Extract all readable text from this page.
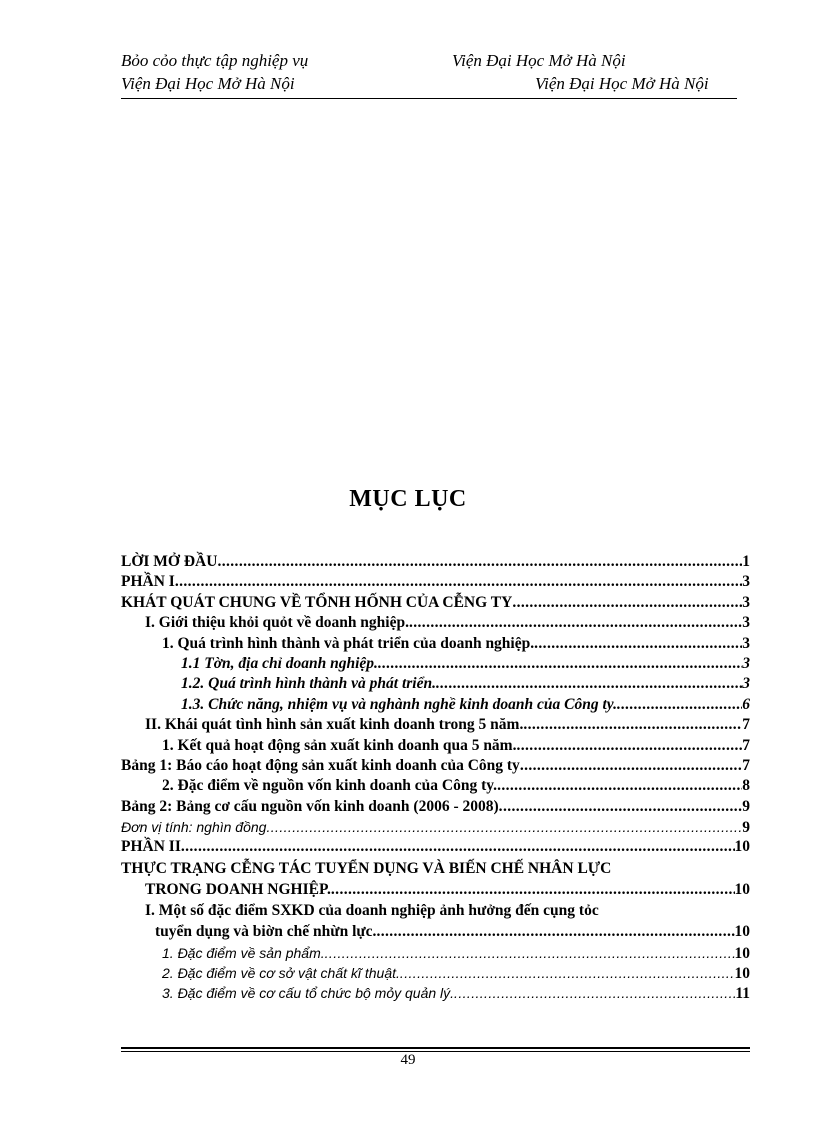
Bỏo cỏo thực tập nghiệp vụ	Viện Đại Học Mở Hà Nội
Viện Đại Học Mở Hà Nội	Viện Đại Học Mở Hà Nội
MỤC LỤC
LỜI MỞ ĐẦU .....	1
PHẦN I .....	3
KHÁT QUÁT CHUNG VỀ TỔNH HỐNH CỦA CỄNG TY .....	3
I. Giới thiệu khỏi quỏt về doanh nghiệp. .....	3
1. Quá trình hình thành và phát triển của doanh nghiệp. .....	3
1.1 Tờn, địa chỉ doanh nghiệp. .....	3
1.2. Quá trình hình thành và phát triển. .....	3
1.3. Chức năng, nhiệm vụ và nghành nghề kinh doanh của Công ty. .....	6
II. Khái quát tình hình sản xuất kinh doanh trong 5 năm. .....	7
1. Kết quả hoạt động sản xuất kinh doanh qua 5 năm. .....	7
Bảng 1: Báo cáo hoạt động sản xuất kinh doanh của Công ty .....	7
2. Đặc điểm về nguồn vốn kinh doanh của Công ty. .....	8
Bảng 2: Bảng cơ cấu nguồn vốn kinh doanh (2006 - 2008) .....	9
Đơn vị tính: nghìn đồng .....	9
PHẦN II .....	10
THỰC TRẠNG CỄNG TÁC TUYỂN DỤNG VÀ BIẾN CHẾ NHÂN LỰC
TRONG DOANH NGHIỆP. .....	10
I. Một số đặc điểm SXKD của doanh nghiệp ảnh hưởng đến cụng tỏc
tuyển dụng và biờn chế nhừn lực. .....	10
1. Đặc điểm về sản phẩm. .....	10
2. Đặc điểm về cơ sở vật chất kĩ thuật. .....	10
3. Đặc điểm về cơ cấu tổ chức bộ mỏy quản lý. .....	11
49
